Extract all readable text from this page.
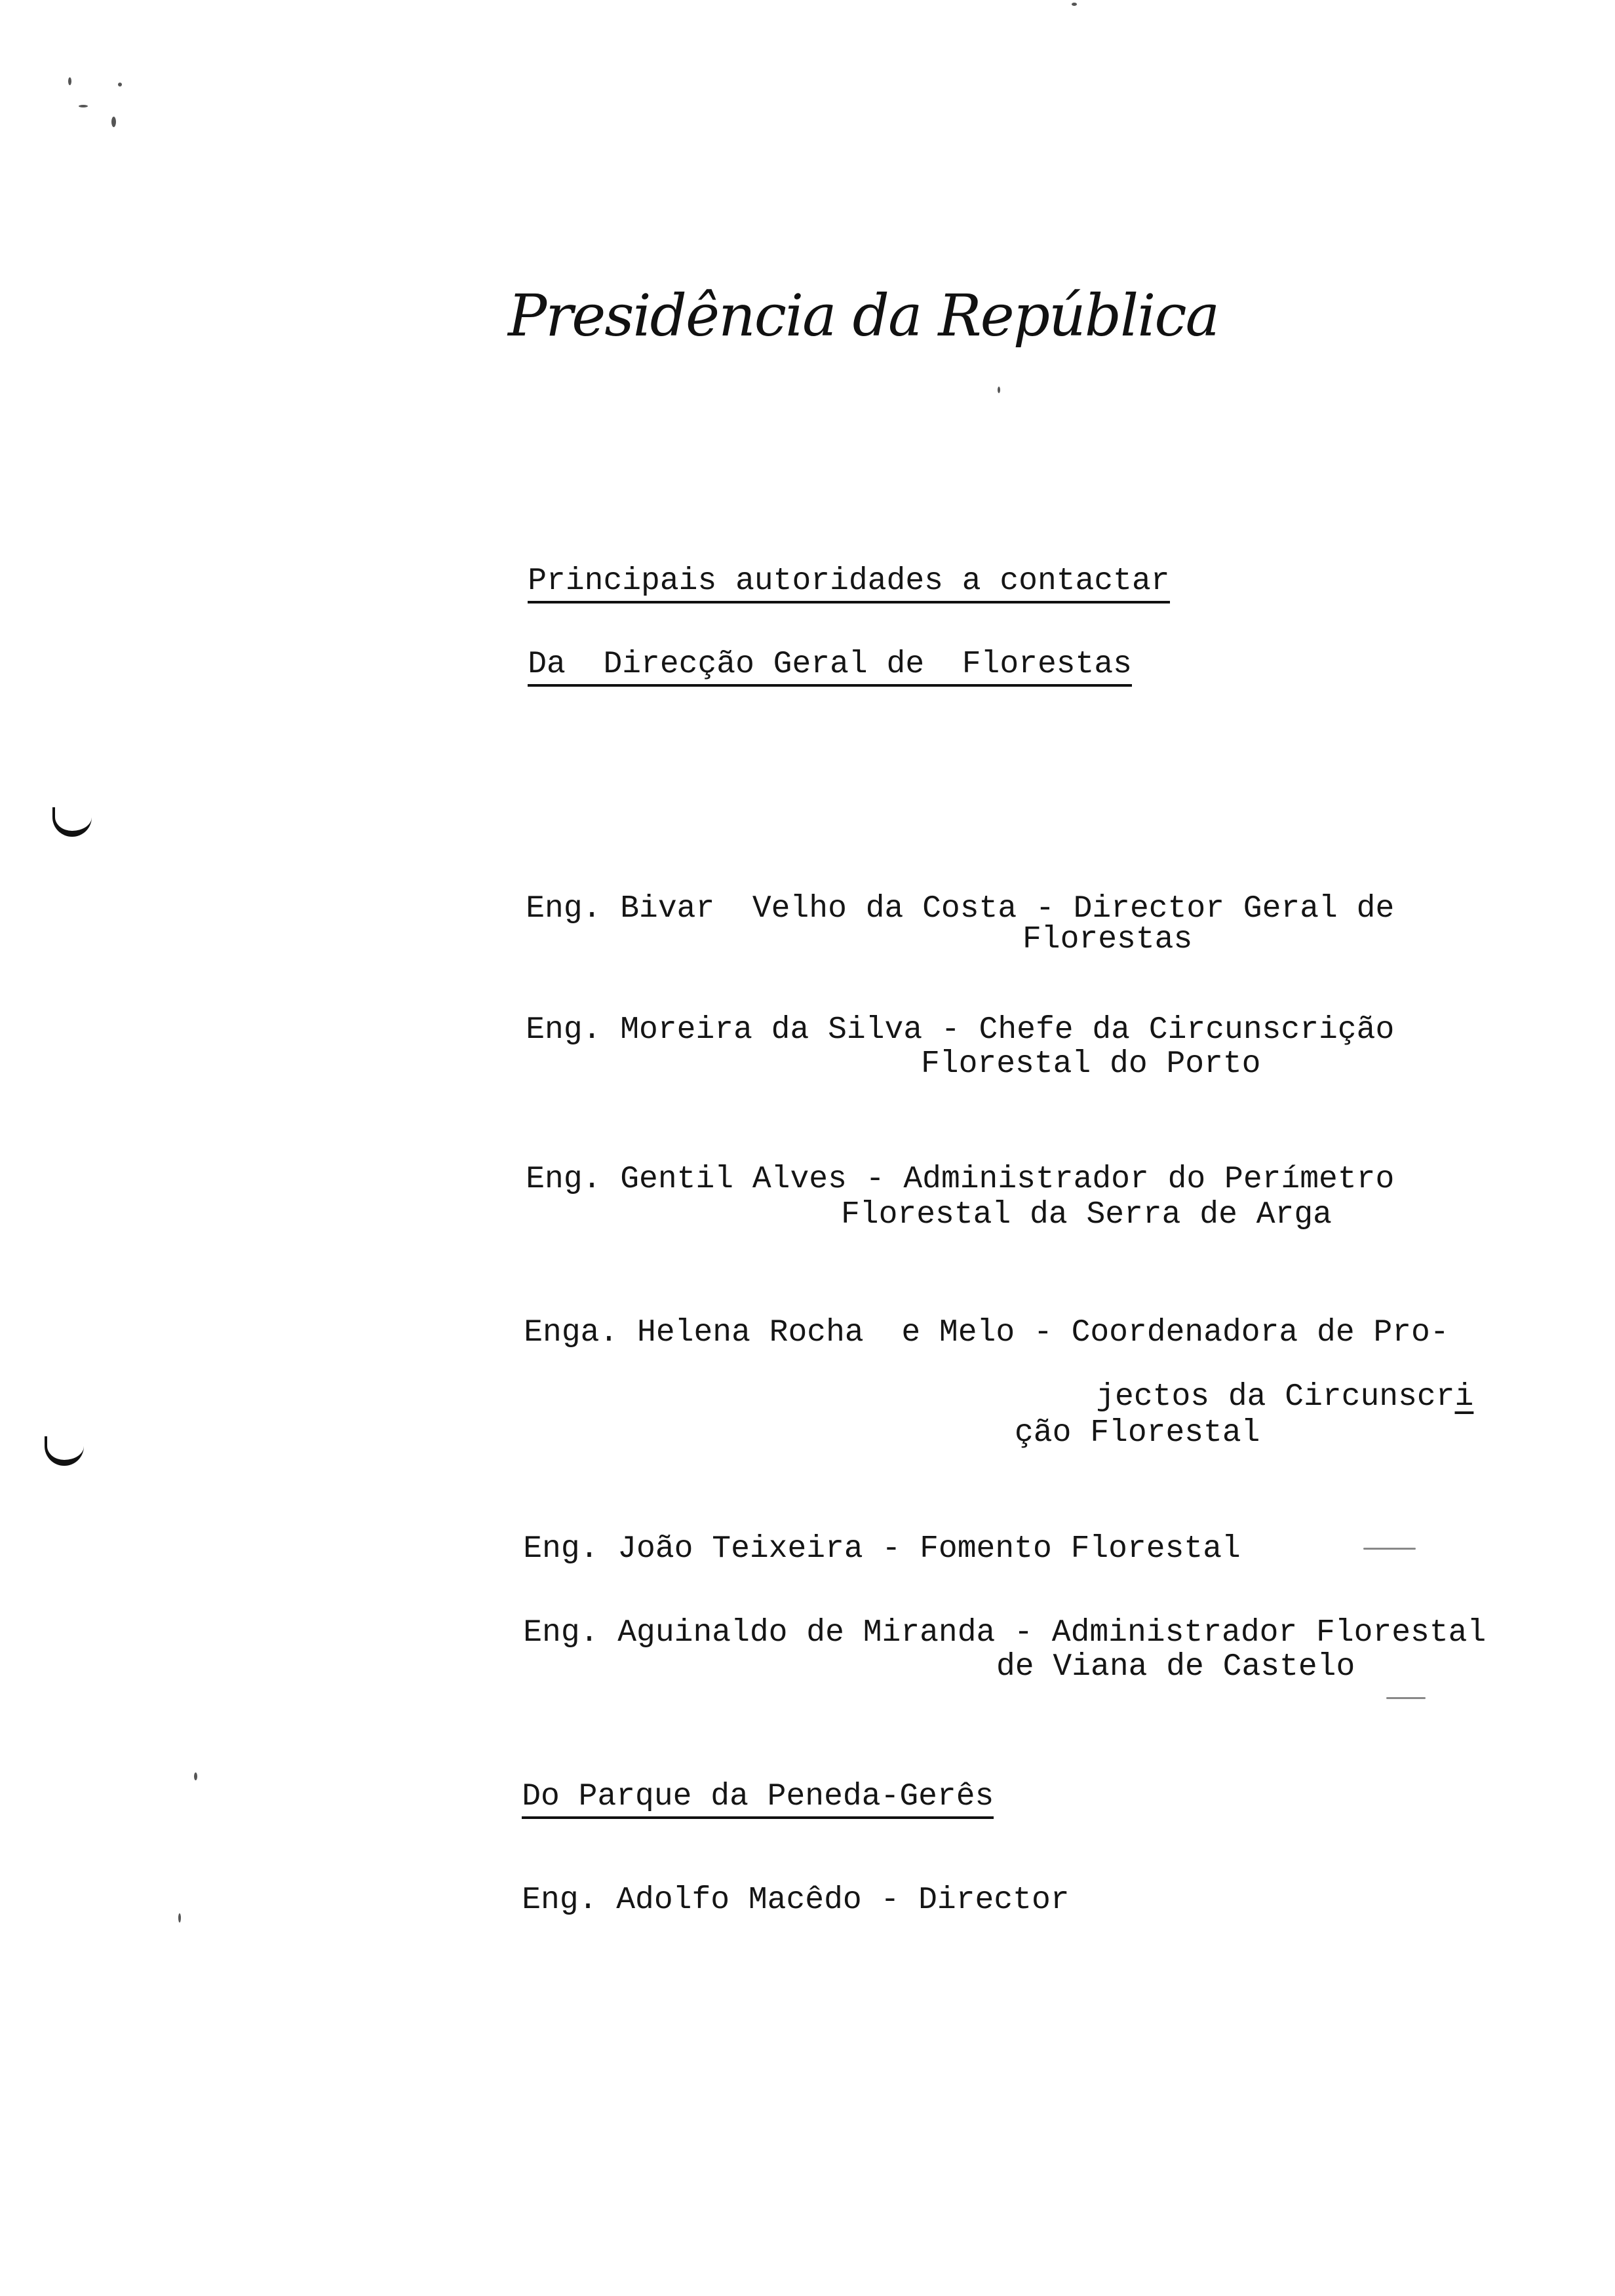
Presidência da República

Principais autoridades a contactar

Da  Direcção Geral de  Florestas

Eng. Bivar  Velho da Costa - Director Geral de

Florestas

Eng. Moreira da Silva - Chefe da Circunscrição

Florestal do Porto

Eng. Gentil Alves - Administrador do Perímetro

Florestal da Serra de Arga

Enga. Helena Rocha  e Melo - Coordenadora de Pro-

jectos da Circunscri

ção Florestal

Eng. João Teixeira - Fomento Florestal

Eng. Aguinaldo de Miranda - Administrador Florestal

de Viana de Castelo

Do Parque da Peneda-Gerês

Eng. Adolfo Macêdo - Director
